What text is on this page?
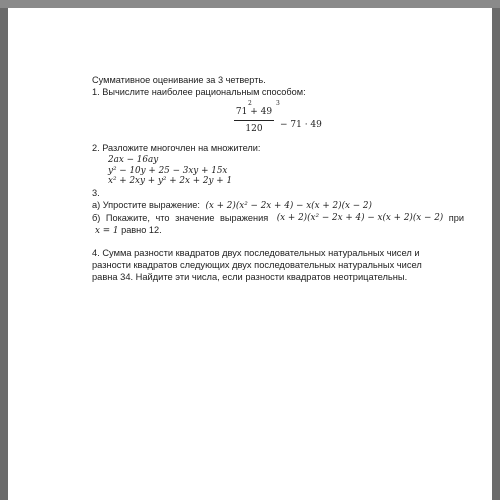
Суммативное оценивание за 3 четверть.
1. Вычислите наиболее рациональным способом:
2	3
71 + 49
120 − 71 · 49
2. Разложите многочлен на множители:
2ax − 16ay
y² − 10y + 25 − 3xy + 15x
x² + 2xy + y² + 2x + 2y + 1
3.
а) Упростите выражение: (x + 2)(x² − 2x + 4) − x(x + 2)(x − 2)
б) Покажите, что значение выражения (x + 2)(x² − 2x + 4) − x(x + 2)(x − 2) при
x = 1 равно 12.
4. Сумма разности квадратов двух последовательных натуральных чисел и разности квадратов следующих двух последовательных натуральных чисел равна 34. Найдите эти числа, если разности квадратов неотрицательны.
